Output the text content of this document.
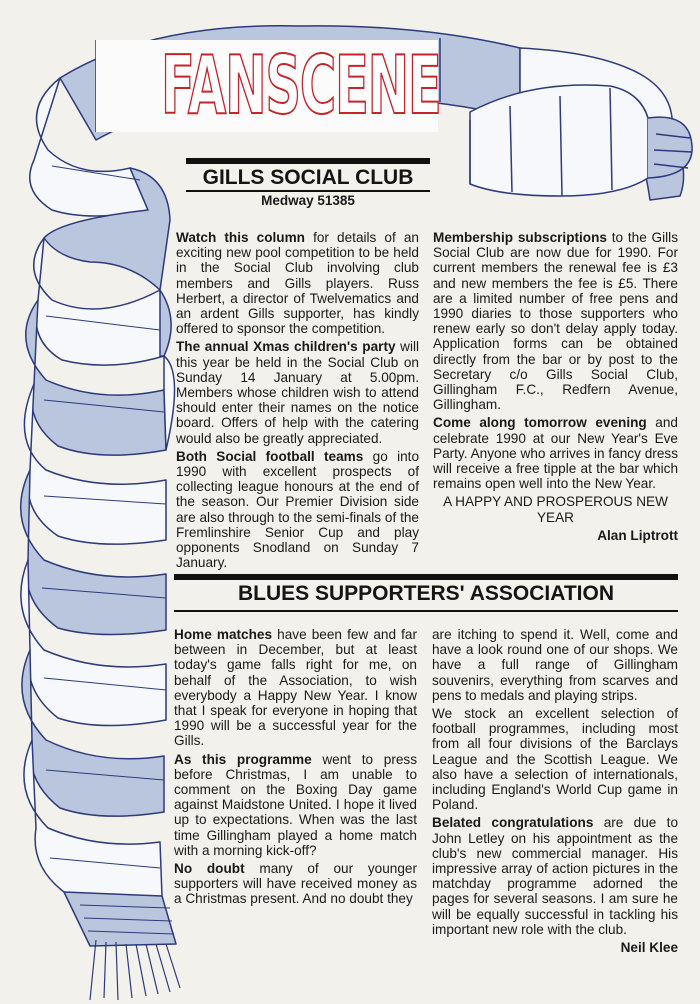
FANSCENE
GILLS SOCIAL CLUB
Medway 51385

Watch this column for details of an exciting new pool competition to be held in the Social Club involving club members and Gills players. Russ Herbert, a director of Twelvematics and an ardent Gills supporter, has kindly offered to sponsor the competition.

The annual Xmas children's party will this year be held in the Social Club on Sunday 14 January at 5.00pm. Members whose children wish to attend should enter their names on the notice board. Offers of help with the catering would also be greatly appreciated.

Both Social football teams go into 1990 with excellent prospects of collecting league honours at the end of the season. Our Premier Division side are also through to the semi-finals of the Fremlinshire Senior Cup and play opponents Snodland on Sunday 7 January.

Membership subscriptions to the Gills Social Club are now due for 1990. For current members the renewal fee is £3 and new members the fee is £5. There are a limited number of free pens and 1990 diaries to those supporters who renew early so don't delay apply today. Application forms can be obtained directly from the bar or by post to the Secretary c/o Gills Social Club, Gillingham F.C., Redfern Avenue, Gillingham.

Come along tomorrow evening and celebrate 1990 at our New Year's Eve Party. Anyone who arrives in fancy dress will receive a free tipple at the bar which remains open well into the New Year.

A HAPPY AND PROSPEROUS NEW YEAR

Alan Liptrott

BLUES SUPPORTERS' ASSOCIATION

Home matches have been few and far between in December, but at least today's game falls right for me, on behalf of the Association, to wish everybody a Happy New Year. I know that I speak for everyone in hoping that 1990 will be a successful year for the Gills.

As this programme went to press before Christmas, I am unable to comment on the Boxing Day game against Maidstone United. I hope it lived up to expectations. When was the last time Gillingham played a home match with a morning kick-off?

No doubt many of our younger supporters will have received money as a Christmas present. And no doubt they

are itching to spend it. Well, come and have a look round one of our shops. We have a full range of Gillingham souvenirs, everything from scarves and pens to medals and playing strips.

We stock an excellent selection of football programmes, including most from all four divisions of the Barclays League and the Scottish League. We also have a selection of internationals, including England's World Cup game in Poland.

Belated congratulations are due to John Letley on his appointment as the club's new commercial manager. His impressive array of action pictures in the matchday programme adorned the pages for several seasons. I am sure he will be equally successful in tackling his important new role with the club.

Neil Klee
